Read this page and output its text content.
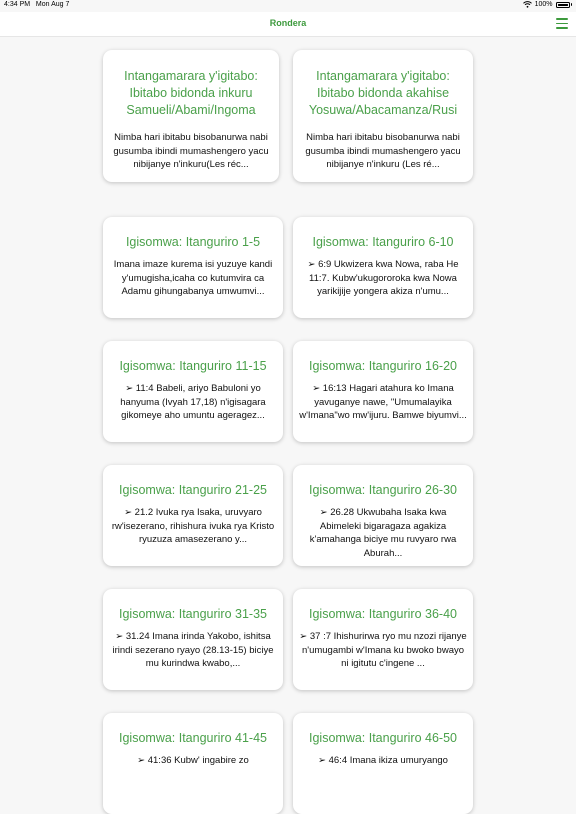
4:34 PM Mon Aug 7	100%
Rondera
Intangamarara y'igitabo: Ibitabo bidonda inkuru Samueli/Abami/Ingoma
Nimba hari ibitabu bisobanurwa nabi gusumba ibindi mumashengero yacu nibijanye n'inkuru(Les réc...
Intangamarara y'igitabo: Ibitabo bidonda akahise Yosuwa/Abacamanza/Rusi
Nimba hari ibitabu bisobanurwa nabi gusumba ibindi mumashengero yacu nibijanye n'inkuru (Les ré...
Igisomwa: Itanguriro 1-5
Imana imaze kurema isi yuzuye kandi y'umugisha,icaha co kutumvira ca Adamu gihungabanya umwumvi...
Igisomwa: Itanguriro 6-10
➢ 6:9 Ukwizera kwa Nowa, raba He 11:7. Kubw'ukugororoka kwa Nowa yarikijije yongera akiza n'umu...
Igisomwa: Itanguriro 11-15
➢ 11:4 Babeli, ariyo Babuloni yo hanyuma (Ivyah 17,18) n'igisagara gikomeye aho umuntu ageragez...
Igisomwa: Itanguriro 16-20
➢ 16:13 Hagari atahura ko Imana yavuganye nawe, "Umumalayika w'Imana"wo mw'ijuru. Bamwe biyumvi...
Igisomwa: Itanguriro 21-25
➢ 21.2 Ivuka rya Isaka, uruvyaro rw'isezerano, rihishura ivuka rya Kristo ryuzuza amasezerano y...
Igisomwa: Itanguriro 26-30
➢ 26.28 Ukwubaha Isaka kwa Abimeleki bigaragaza agakiza k'amahanga biciye mu ruvyaro rwa Aburah...
Igisomwa: Itanguriro 31-35
➢ 31.24 Imana irinda Yakobo, ishitsa irindi sezerano ryayo (28.13-15) biciye mu kurindwa kwabo,...
Igisomwa: Itanguriro 36-40
➢ 37 :7 Ihishurirwa ryo mu nzozi rijanye n'umugambi w'Imana ku bwoko bwayo ni igitutu c'ingene ...
Igisomwa: Itanguriro 41-45
➢ 41:36 Kubw' ingabire zo
Igisomwa: Itanguriro 46-50
➢ 46:4 Imana ikiza umuryango
